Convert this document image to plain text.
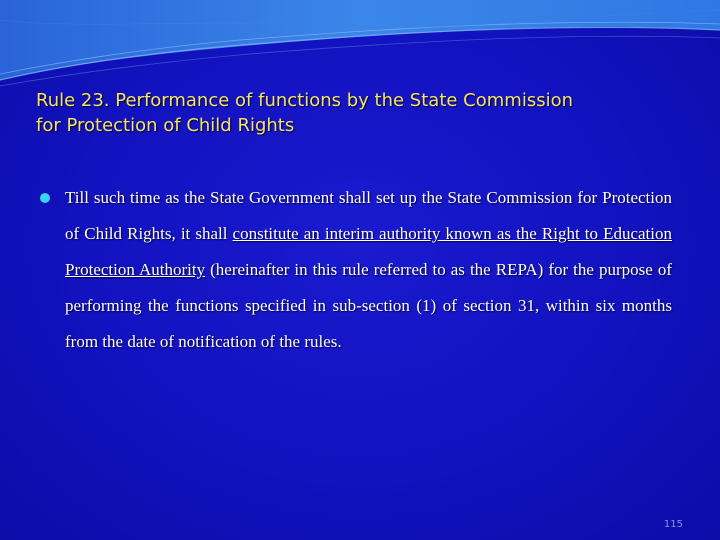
Rule 23. Performance of functions by the State Commission
for Protection of Child Rights

Till such time as the State Government shall set up the State Commission for Protection of Child Rights, it shall constitute an interim authority known as the Right to Education Protection Authority (hereinafter in this rule referred to as the REPA) for the purpose of performing the functions specified in sub-section (1) of section 31, within six months from the date of notification of the rules.

115
